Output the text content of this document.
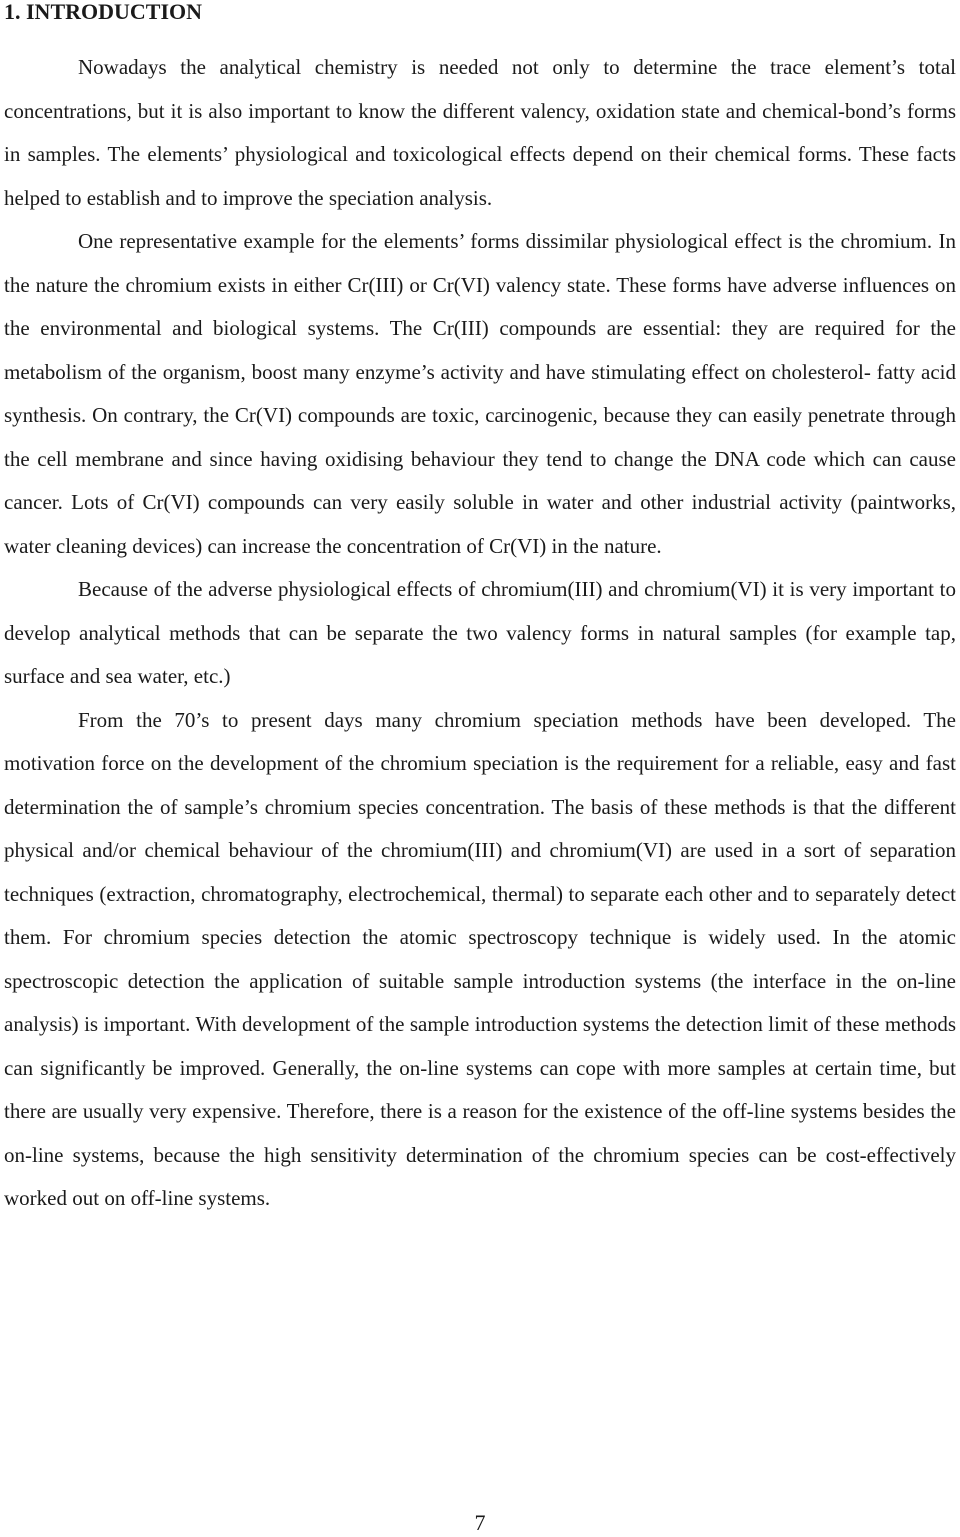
1. INTRODUCTION

Nowadays the analytical chemistry is needed not only to determine the trace element’s total concentrations, but it is also important to know the different valency, oxidation state and chemical-bond’s forms in samples. The elements’ physiological and toxicological effects depend on their chemical forms. These facts helped to establish and to improve the speciation analysis.

One representative example for the elements’ forms dissimilar physiological effect is the chromium. In the nature the chromium exists in either Cr(III) or Cr(VI) valency state. These forms have adverse influences on the environmental and biological systems. The Cr(III) compounds are essential: they are required for the metabolism of the organism, boost many enzyme’s activity and have stimulating effect on cholesterol- fatty acid synthesis. On contrary, the Cr(VI) compounds are toxic, carcinogenic, because they can easily penetrate through the cell membrane and since having oxidising behaviour they tend to change the DNA code which can cause cancer. Lots of Cr(VI) compounds can very easily soluble in water and other industrial activity (paintworks, water cleaning devices) can increase the concentration of Cr(VI) in the nature.

Because of the adverse physiological effects of chromium(III) and chromium(VI) it is very important to develop analytical methods that can be separate the two valency forms in natural samples (for example tap, surface and sea water, etc.)

From the 70’s to present days many chromium speciation methods have been developed. The motivation force on the development of the chromium speciation is the requirement for a reliable, easy and fast determination the of sample’s chromium species concentration. The basis of these methods is that the different physical and/or chemical behaviour of the chromium(III) and chromium(VI) are used in a sort of separation techniques (extraction, chromatography, electrochemical, thermal) to separate each other and to separately detect them. For chromium species detection the atomic spectroscopy technique is widely used. In the atomic spectroscopic detection the application of suitable sample introduction systems (the interface in the on-line analysis) is important. With development of the sample introduction systems the detection limit of these methods can significantly be improved. Generally, the on-line systems can cope with more samples at certain time, but there are usually very expensive. Therefore, there is a reason for the existence of the off-line systems besides the on-line systems, because the high sensitivity determination of the chromium species can be cost-effectively worked out on off-line systems.

7
